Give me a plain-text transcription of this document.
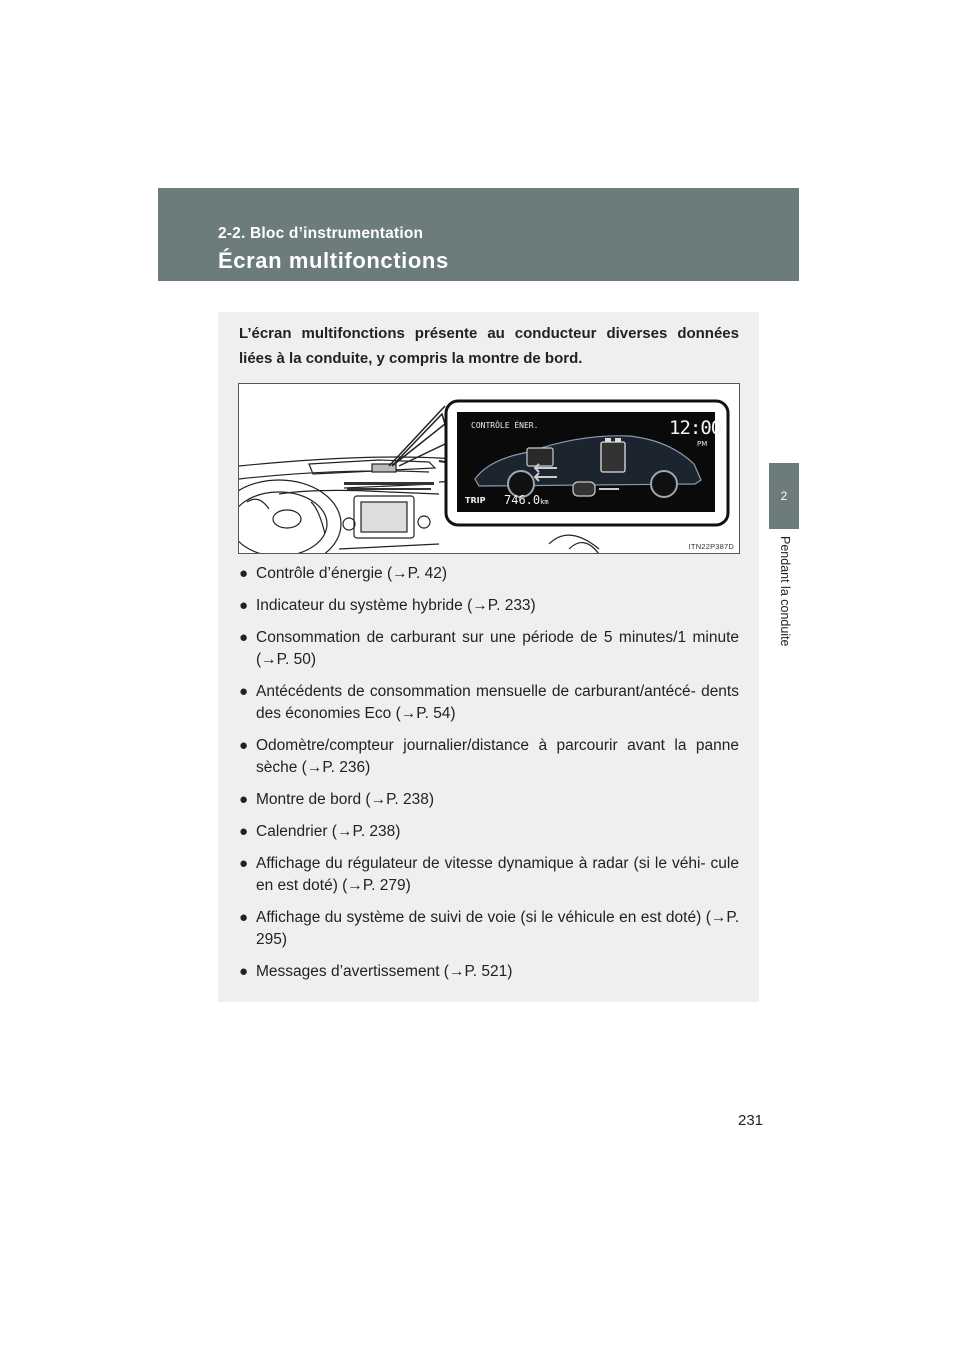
2-2. Bloc d’instrumentation
Écran multifonctions
2
Pendant la conduite
L’écran multifonctions présente au conducteur diverses données liées à la conduite, y compris la montre de bord.
CONTRÔLE ÉNER.	12:00
PM
TRIP 746.0km
ITN22P387D
● Contrôle d’énergie (→P. 42)
● Indicateur du système hybride (→P. 233)
● Consommation de carburant sur une période de 5 minutes/1 minute (→P. 50)
● Antécédents de consommation mensuelle de carburant/antécé- dents des économies Eco (→P. 54)
● Odomètre/compteur journalier/distance à parcourir avant la panne sèche (→P. 236)
● Montre de bord (→P. 238)
● Calendrier (→P. 238)
● Affichage du régulateur de vitesse dynamique à radar (si le véhi- cule en est doté) (→P. 279)
● Affichage du système de suivi de voie (si le véhicule en est doté) (→P. 295)
● Messages d’avertissement (→P. 521)
231
